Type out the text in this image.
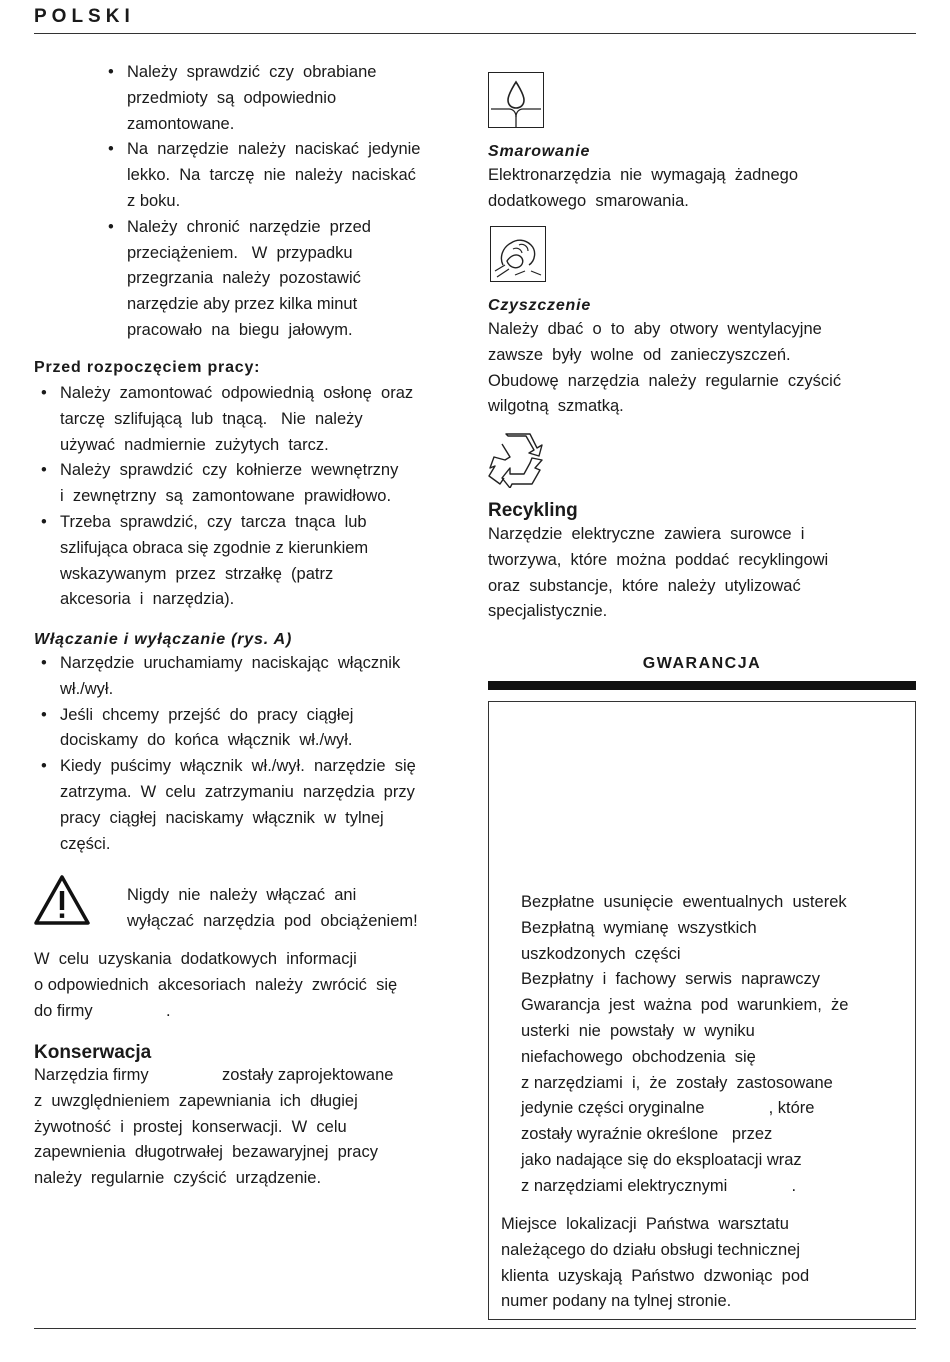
POLSKI
• Należy  sprawdzić  czy  obrabiane
przedmioty  są  odpowiednio
zamontowane.
• Na  narzędzie  należy  naciskać  jedynie
lekko.  Na  tarczę  nie  należy  naciskać
z boku.
• Należy  chronić  narzędzie  przed
przeciążeniem.   W  przypadku
przegrzania  należy  pozostawić
narzędzie aby przez kilka minut
pracowało  na  biegu  jałowym.
Przed rozpoczęciem pracy:
• Należy  zamontować  odpowiednią  osłonę  oraz
tarczę  szlifującą  lub  tnącą.   Nie  należy
używać  nadmiernie  zużytych  tarcz.
• Należy  sprawdzić  czy  kołnierze  wewnętrzny
i  zewnętrzny  są  zamontowane  prawidłowo.
• Trzeba  sprawdzić,  czy  tarcza  tnąca  lub
szlifująca obraca się zgodnie z kierunkiem
wskazywanym  przez  strzałkę  (patrz
akcesoria  i  narzędzia).
Włączanie i wyłączanie (rys. A)
• Narzędzie  uruchamiamy  naciskając  włącznik
wł./wył.
• Jeśli  chcemy  przejść  do  pracy  ciągłej
dociskamy  do  końca  włącznik  wł./wył.
• Kiedy  puścimy  włącznik  wł./wył.  narzędzie  się
zatrzyma.  W  celu  zatrzymaniu  narzędzia  przy
pracy  ciągłej  naciskamy  włącznik  w  tylnej
części.
Nigdy  nie  należy  włączać  ani
wyłączać  narzędzia  pod  obciążeniem!
W  celu  uzyskania  dodatkowych  informacji
o odpowiednich  akcesoriach  należy  zwrócić  się
do firmy                .
Konserwacja
Narzędzia firmy                zostały zaprojektowane
z  uwzględnieniem  zapewniania  ich  długiej
żywotność  i  prostej  konserwacji.  W  celu
zapewnienia  długotrwałej  bezawaryjnej  pracy
należy  regularnie  czyścić  urządzenie.
Smarowanie
Elektronarzędzia  nie  wymagają  żadnego
dodatkowego  smarowania.
Czyszczenie
Należy  dbać  o  to  aby  otwory  wentylacyjne
zawsze  były  wolne  od  zanieczyszczeń.
Obudowę  narzędzia  należy  regularnie  czyścić
wilgotną  szmatką.
Recykling
Narzędzie  elektryczne  zawiera  surowce  i
tworzywa,  które  można  poddać  recyklingowi
oraz  substancje,  które  należy  utylizować
specjalistycznie.
GWARANCJA
Bezpłatne  usunięcie  ewentualnych  usterek
Bezpłatną  wymianę  wszystkich
uszkodzonych  części
Bezpłatny  i  fachowy  serwis  naprawczy
Gwarancja  jest  ważna  pod  warunkiem,  że
usterki  nie  powstały  w  wyniku
niefachowego  obchodzenia  się
z narzędziami  i,  że  zostały  zastosowane
jedynie części oryginalne              , które
zostały wyraźnie określone   przez
jako nadające się do eksploatacji wraz
z narzędziami elektrycznymi              .
Miejsce  lokalizacji  Państwa  warsztatu
należącego do działu obsługi technicznej
klienta  uzyskają  Państwo  dzwoniąc  pod
numer podany na tylnej stronie.
